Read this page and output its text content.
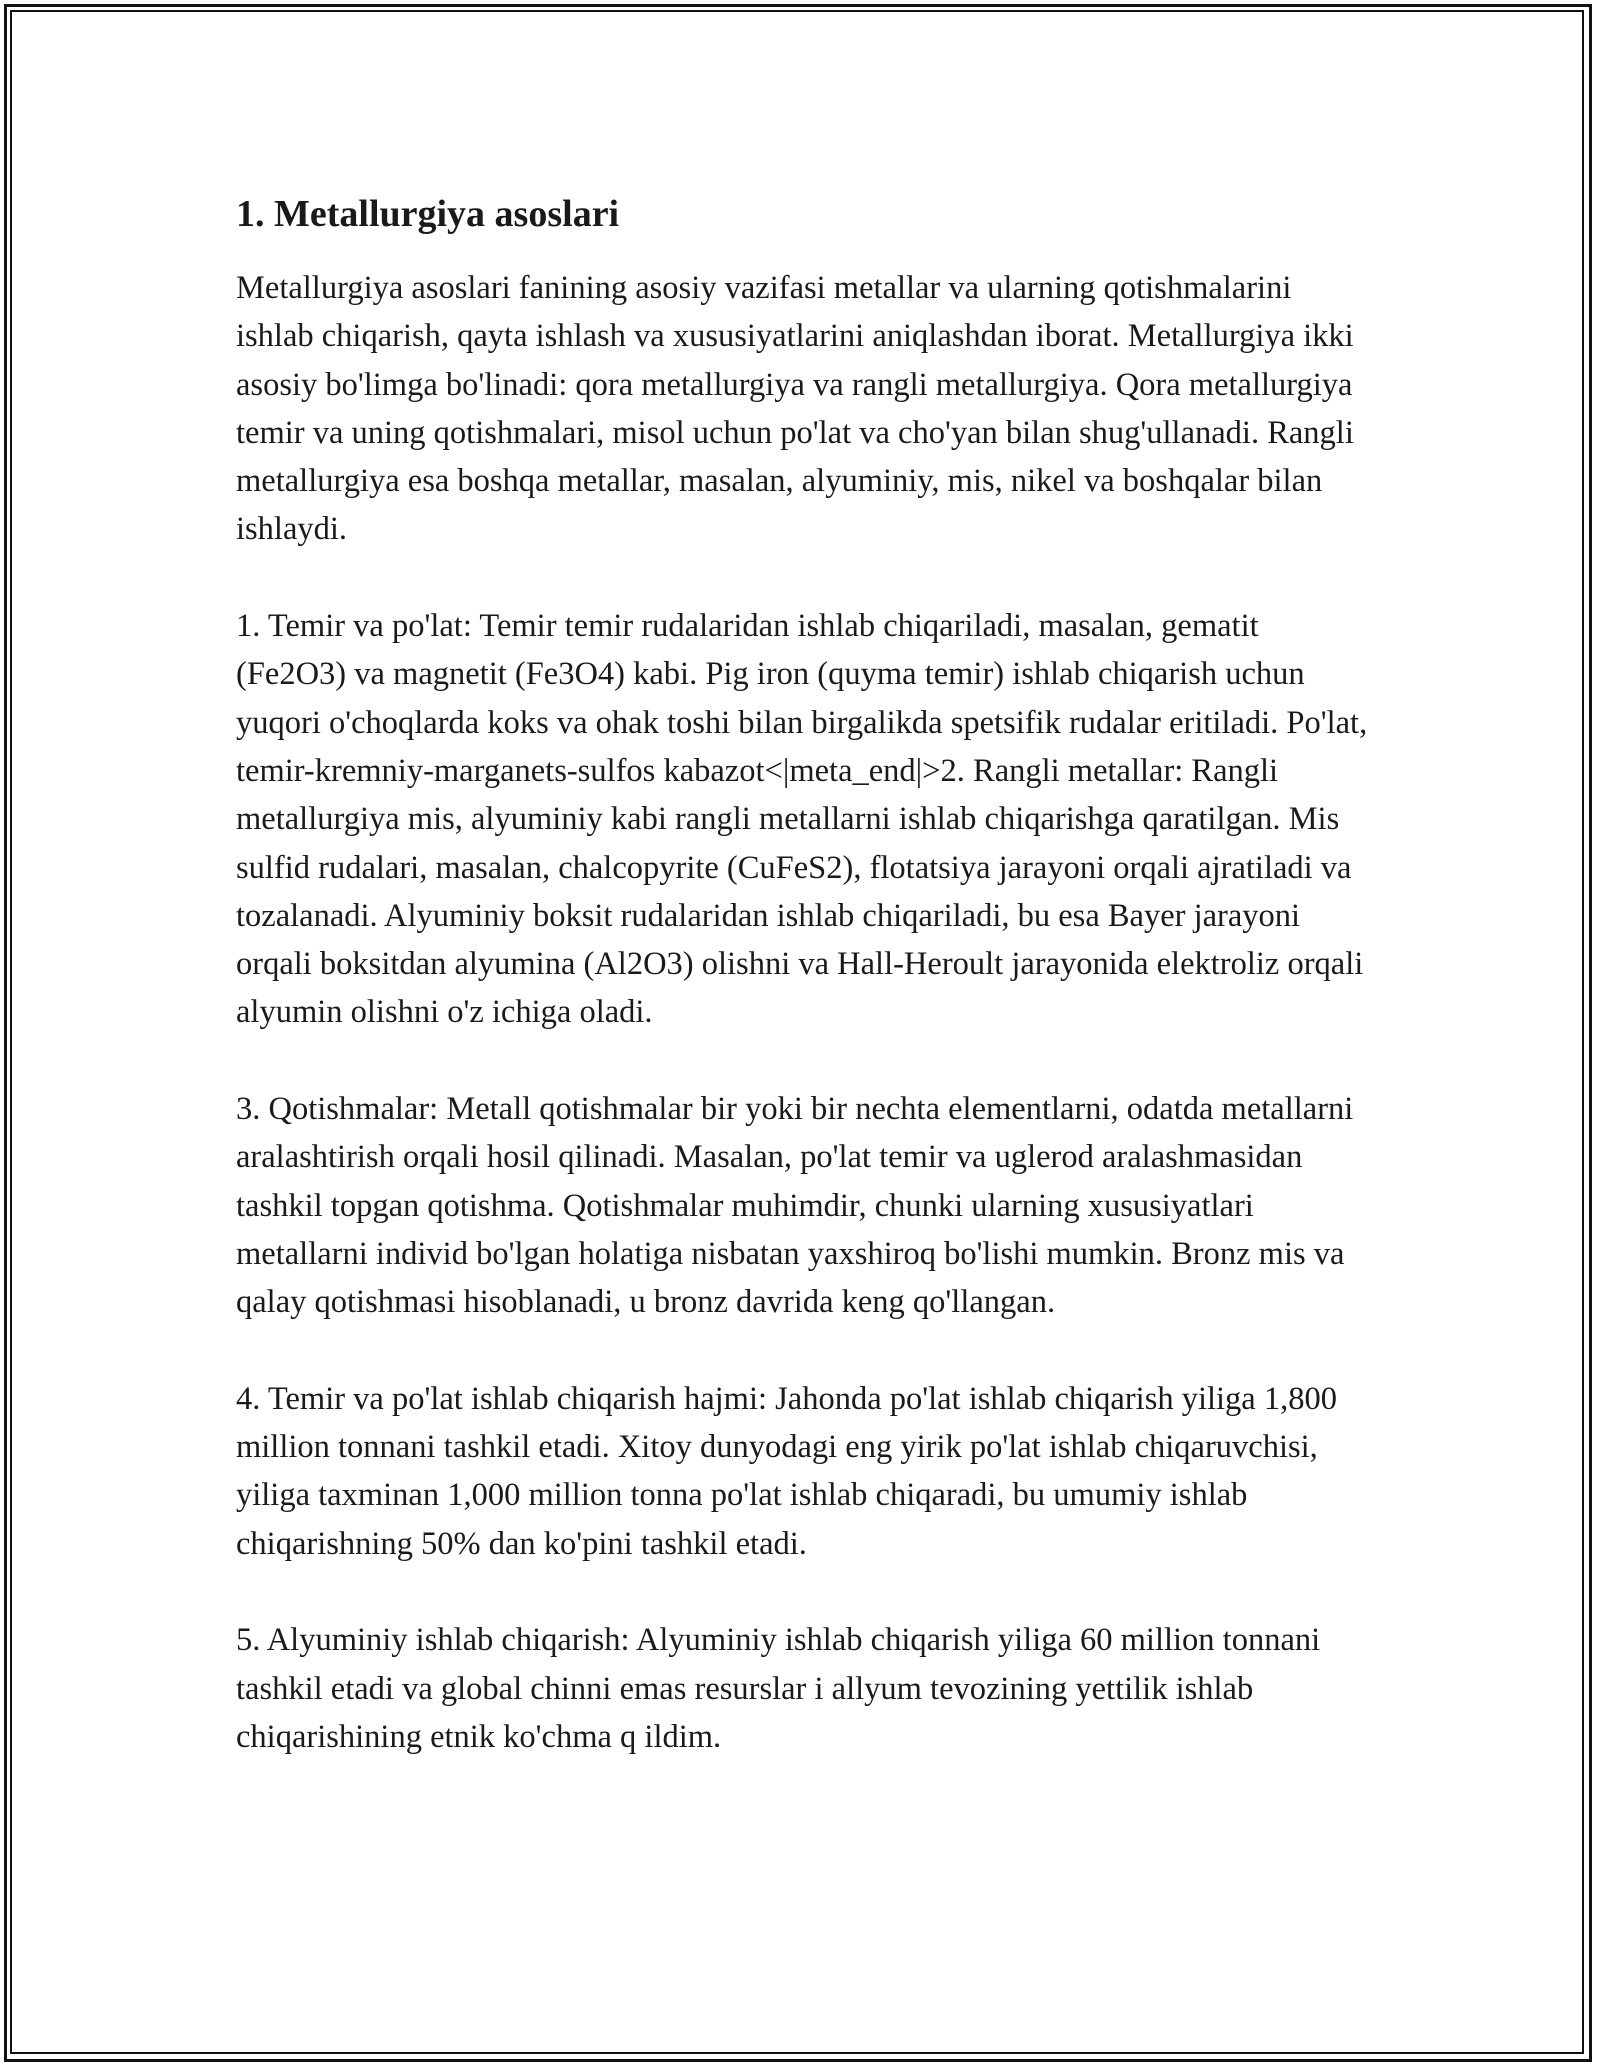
1. Metallurgiya asoslari

Metallurgiya asoslari fanining asosiy vazifasi metallar va ularning qotishmalarini ishlab chiqarish, qayta ishlash va xususiyatlarini aniqlashdan iborat. Metallurgiya ikki asosiy bo'limga bo'linadi: qora metallurgiya va rangli metallurgiya. Qora metallurgiya temir va uning qotishmalari, misol uchun po'lat va cho'yan bilan shug'ullanadi. Rangli metallurgiya esa boshqa metallar, masalan, alyuminiy, mis, nikel va boshqalar bilan ishlaydi.

1. Temir va po'lat: Temir temir rudalaridan ishlab chiqariladi, masalan, gematit (Fe2O3) va magnetit (Fe3O4) kabi. Pig iron (quyma temir) ishlab chiqarish uchun yuqori o'choqlarda koks va ohak toshi bilan birgalikda spetsifik rudalar eritiladi. Po'lat, temir-kremniy-marganets-sulfos kabazot<|meta_end|>2. Rangli metallar: Rangli metallurgiya mis, alyuminiy kabi rangli metallarni ishlab chiqarishga qaratilgan. Mis sulfid rudalari, masalan, chalcopyrite (CuFeS2), flotatsiya jarayoni orqali ajratiladi va tozalanadi. Alyuminiy boksit rudalaridan ishlab chiqariladi, bu esa Bayer jarayoni orqali boksitdan alyumina (Al2O3) olishni va Hall-Heroult jarayonida elektroliz orqali alyumin olishni o'z ichiga oladi.

3. Qotishmalar: Metall qotishmalar bir yoki bir nechta elementlarni, odatda metallarni aralashtirish orqali hosil qilinadi. Masalan, po'lat temir va uglerod aralashmasidan tashkil topgan qotishma. Qotishmalar muhimdir, chunki ularning xususiyatlari metallarni individ bo'lgan holatiga nisbatan yaxshiroq bo'lishi mumkin. Bronz mis va qalay qotishmasi hisoblanadi, u bronz davrida keng qo'llangan.

4. Temir va po'lat ishlab chiqarish hajmi: Jahonda po'lat ishlab chiqarish yiliga 1,800 million tonnani tashkil etadi. Xitoy dunyodagi eng yirik po'lat ishlab chiqaruvchisi, yiliga taxminan 1,000 million tonna po'lat ishlab chiqaradi, bu umumiy ishlab chiqarishning 50% dan ko'pini tashkil etadi.

5. Alyuminiy ishlab chiqarish: Alyuminiy ishlab chiqarish yiliga 60 million tonnani tashkil etadi va global chinni emas resurslar i allyum tevozining yettilik ishlab chiqarishining etnik ko'chma q ildim.
